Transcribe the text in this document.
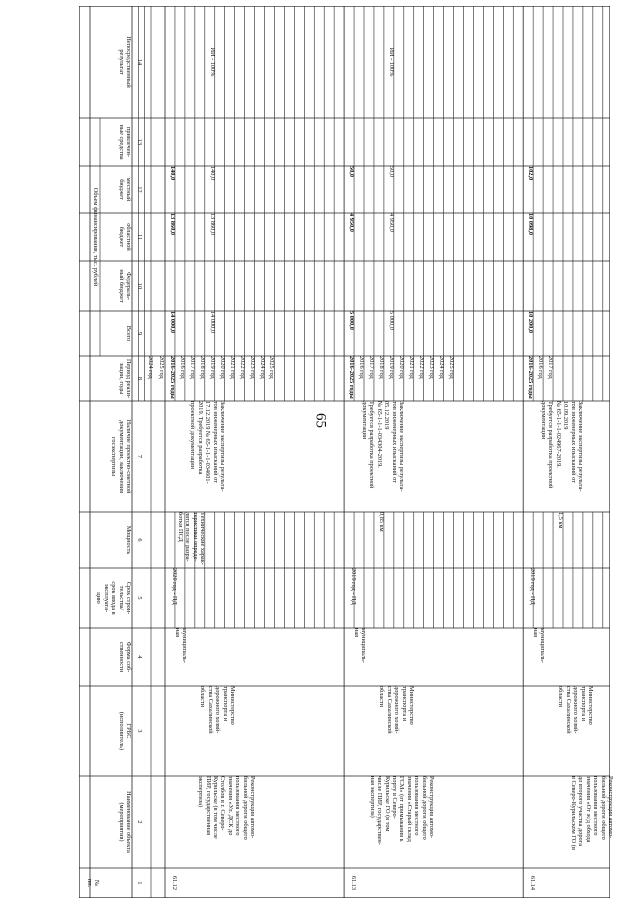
65
№
пп.
Наименование объекта
(мероприятия)
ГРБС
(исполнитель)
Форма соб-
ственности
Срок строи-
тельства/
срок ввода в
эксплуата-
цию
Мощность
Наличие проектно-сметной
документации, заключения
госэкспертизы
Период реали-
зации, годы
Объем финансирования, тыс. рублей
Всего
Федераль-
ный бюджет
областной
бюджет
местный
бюджет
привлечен-
ные средства
Непосредственный
результат
1
2
3
4
5
6
7
8
9
10
11
12
13
14
2024 год 2025 год
61.12
Реконструкция автомо-
бильной дороги общего
пользования местного
значения «Ул. ДСК до
Столбов в г. Северо-
Курильске (в том числе
ПИР, государственная
экспертиза)
Министерство
транспорта и
дорожного хозяй-
ства Сахалинской
области
муниципаль-
ная
2020 год - ПД
Технические харак-
теристики опреде-
лятся после разра-
ботки ПСД
Заключение экспертизы результа-
тов инженерных изысканий от
17.12.2019 № 65-1-1-1-034601-
2019. Требуется разработка
проектной документации
2016-2025 годы 2016 год 2017 год 2018 год 2019 год 2020 год 2021 год 2022 год 2023 год 2024 год 2025 год
14 000,0
13 860,0
140,0
14 000,0
13 860,0
140,0
ИИ - 100%
61.13
Реконструкция автомо-
бильной дороги общего
пользования местного
значения «Старый склад
ГСМ» (от примыкания к
порту в Северо-
Курильске ГО (в том
числе ПИР, государствен-
ная экспертиза)
Министерство
транспорта и
дорожного хозяй-
ства Сахалинской
области
муниципаль-
ная
2019 год - ПД
0,85 км
Заключение экспертизы результа-
тов инженерных изысканий от
05.12.2019
№ 65-1-1-1-034304-2019.
Требуется разработка проектной
документации
2016-2025 годы 2016 год 2017 год 2018 год 2019 год 2020 год 2021 год 2022 год 2023 год 2024 год 2025 год
5 000,0
4 950,0
50,0
5 000,0
4 950,0
50,0
ИИ - 100%
61.14
Реконструкция автомо-
бильной дороги общего
пользования местного
значения «От ж/д обхода
до второго участка дорога
в Северо-Курильском ГО (в
Министерство
транспорта и
дорожного хозяй-
ства Сахалинской
области
муниципаль-
ная
2019 год - ПД
1,5 км
Заключение экспертизы результа-
тов инженерных изысканий от
10.09.2019
№ 65-1-1-1-024967-2019.
Требуется разработка проектной
документации
2016-2025 годы 2016 год 2017 год
10 200,0
10 098,0
102,0
